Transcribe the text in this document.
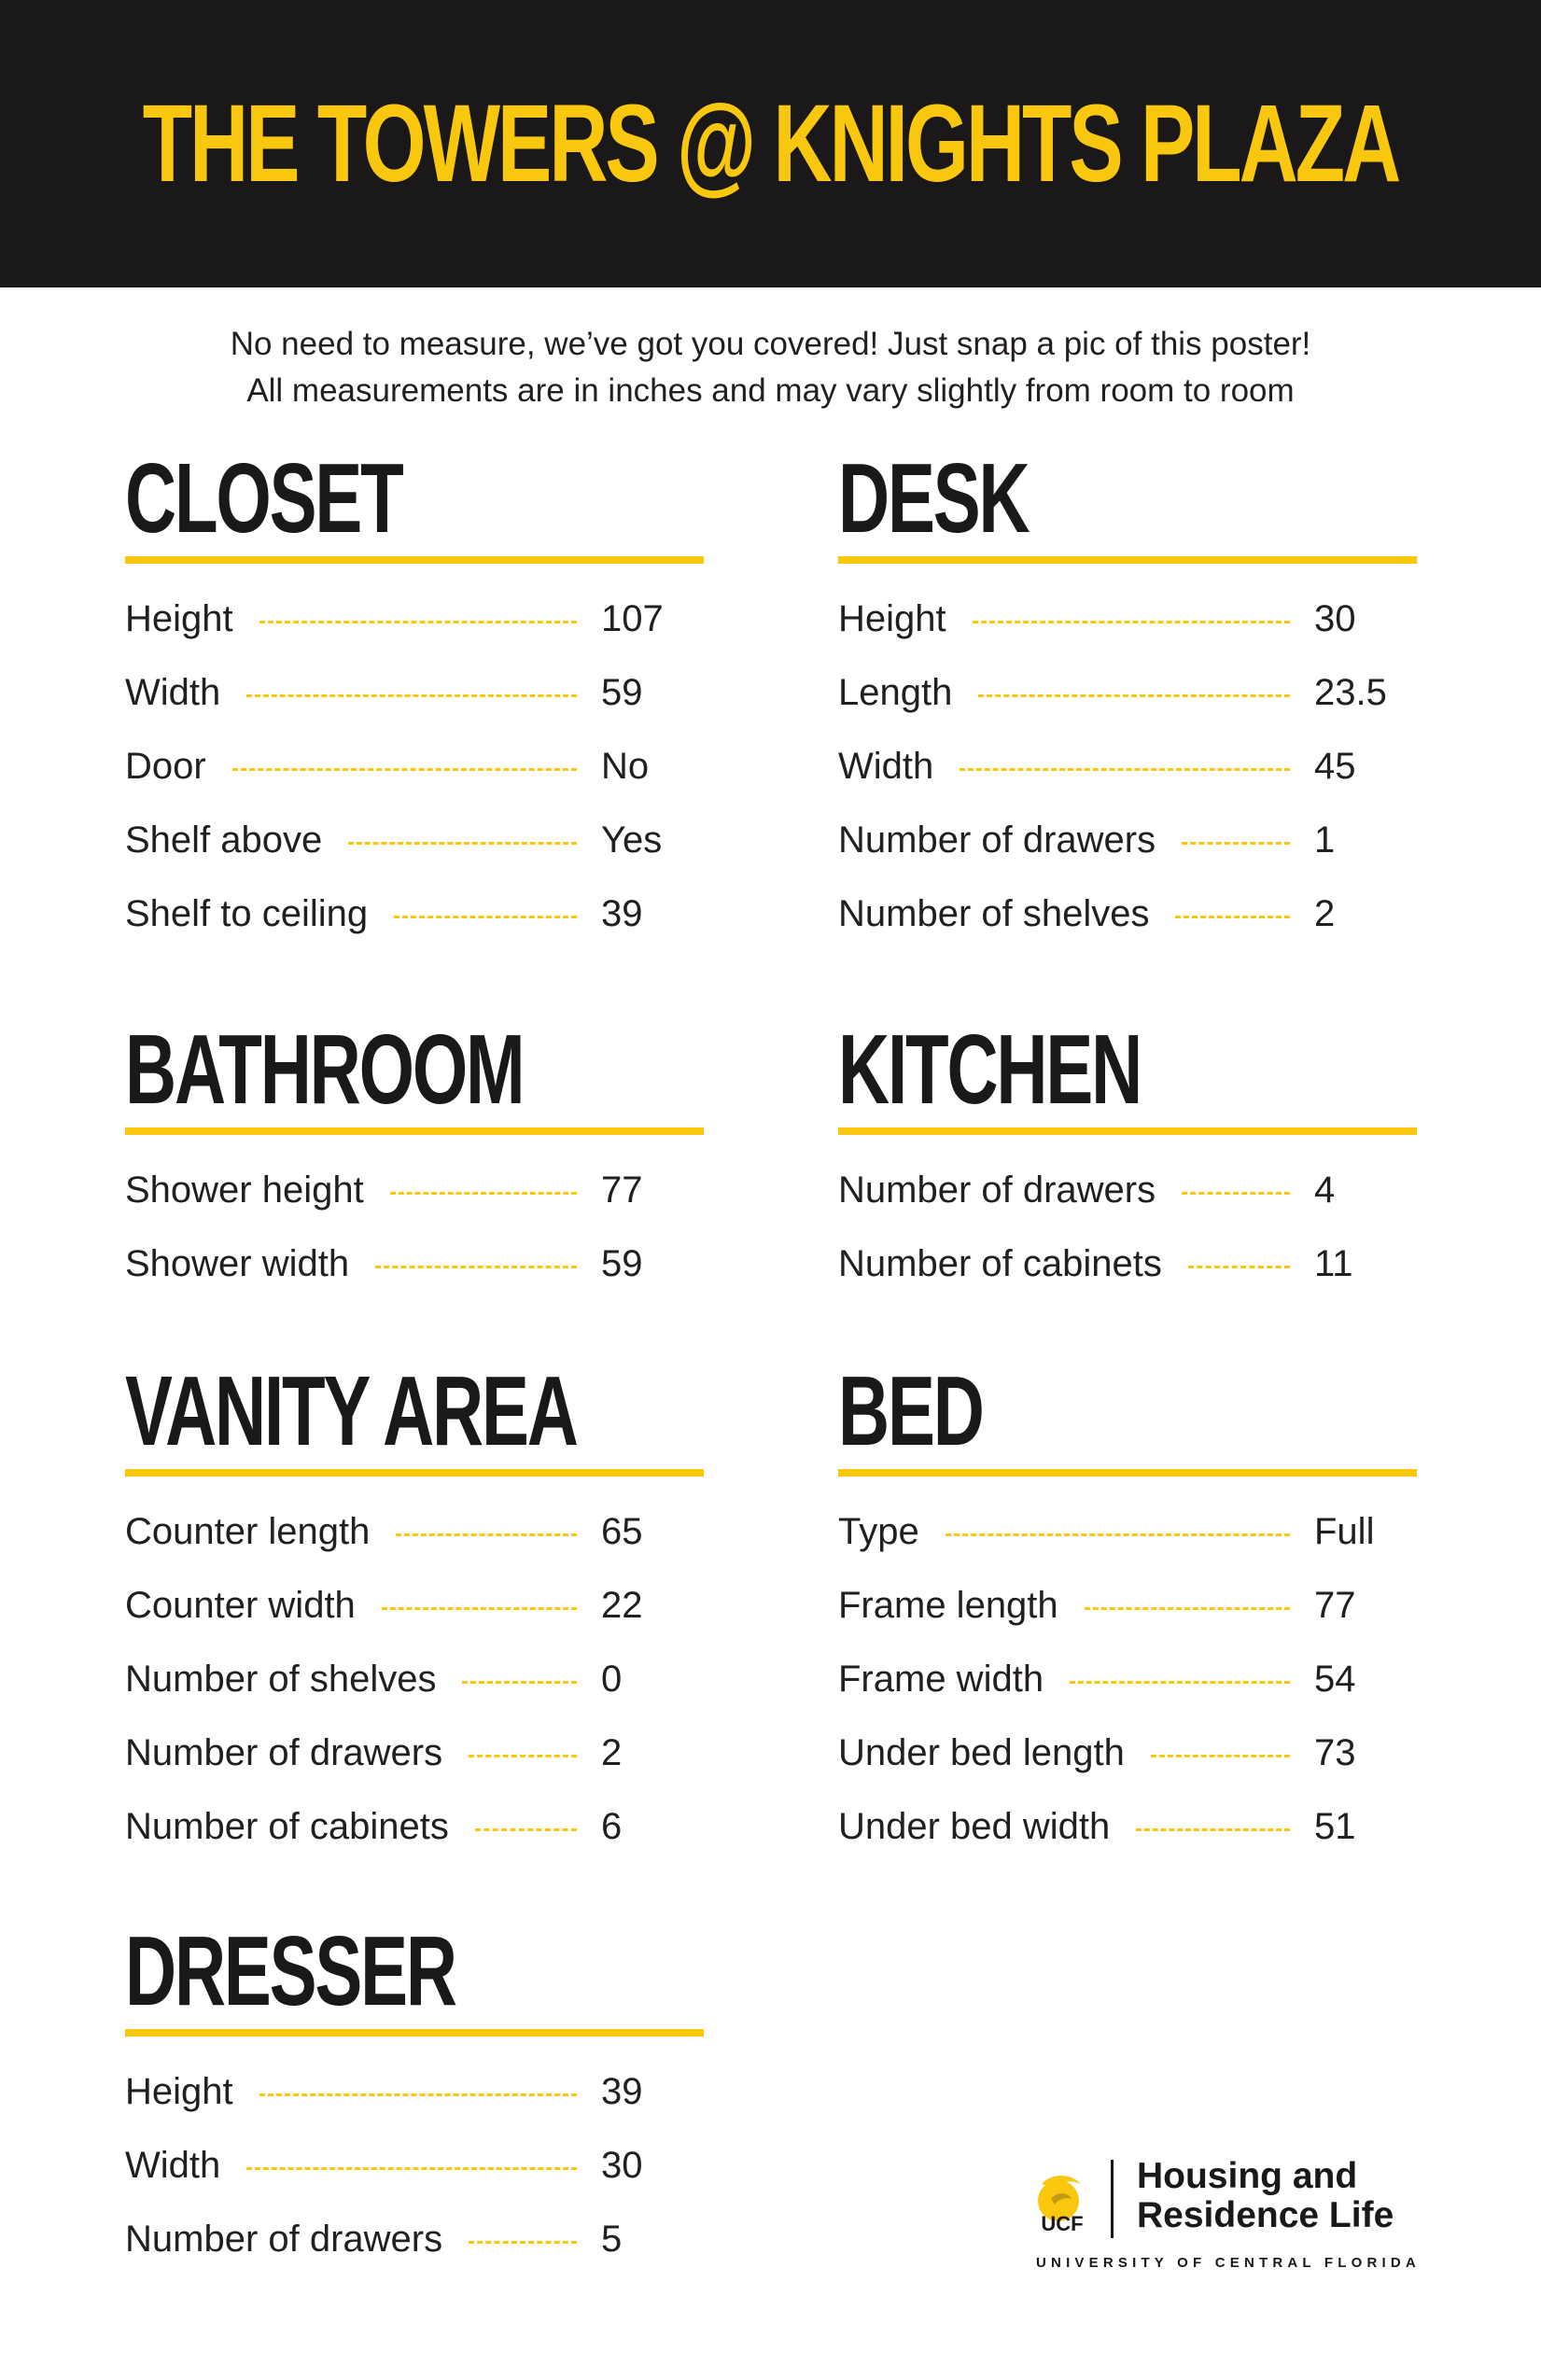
THE TOWERS @ KNIGHTS PLAZA
No need to measure, we’ve got you covered! Just snap a pic of this poster!
All measurements are in inches and may vary slightly from room to room
CLOSET
Height	107
Width	59
Door	No
Shelf above	Yes
Shelf to ceiling	39
DESK
Height	30
Length	23.5
Width	45
Number of drawers	1
Number of shelves	2
BATHROOM
Shower height	77
Shower width	59
KITCHEN
Number of drawers	4
Number of cabinets	11
VANITY AREA
Counter length	65
Counter width	22
Number of shelves	0
Number of drawers	2
Number of cabinets	6
BED
Type	Full
Frame length	77
Frame width	54
Under bed length	73
Under bed width	51
DRESSER
Height	39
Width	30
Number of drawers	5	UCF
Housing and
Residence Life
UNIVERSITY OF CENTRAL FLORIDA
